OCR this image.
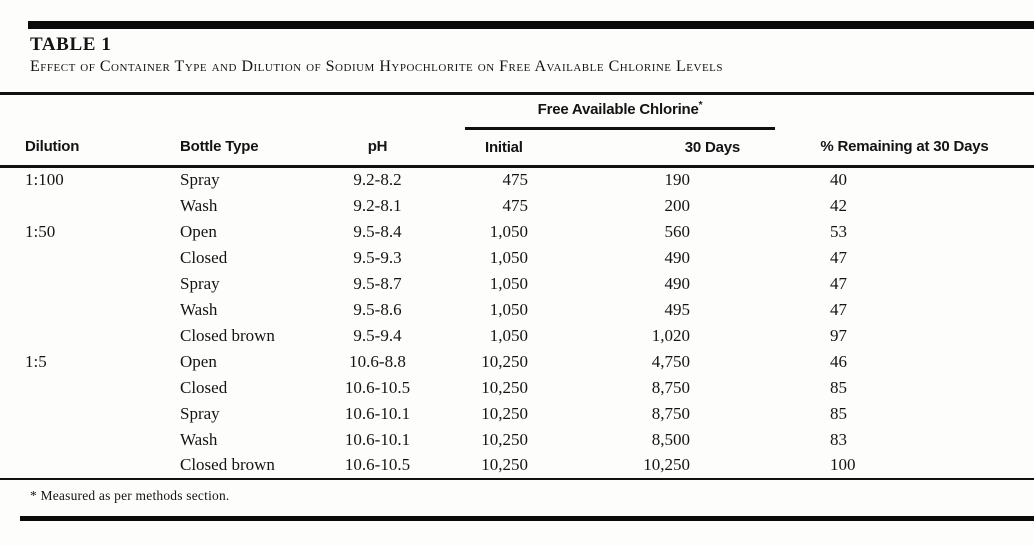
TABLE 1
Effect of Container Type and Dilution of Sodium Hypochlorite on Free Available Chlorine Levels
			Free Available Chlorine*	
Dilution	Bottle Type	pH	Initial	30 Days	% Remaining at 30 Days
1:100	Spray	9.2-8.2	475	190	40
	Wash	9.2-8.1	475	200	42
1:50	Open	9.5-8.4	1,050	560	53
	Closed	9.5-9.3	1,050	490	47
	Spray	9.5-8.7	1,050	490	47
	Wash	9.5-8.6	1,050	495	47
	Closed brown	9.5-9.4	1,050	1,020	97
1:5	Open	10.6-8.8	10,250	4,750	46
	Closed	10.6-10.5	10,250	8,750	85
	Spray	10.6-10.1	10,250	8,750	85
	Wash	10.6-10.1	10,250	8,500	83
	Closed brown	10.6-10.5	10,250	10,250	100
* Measured as per methods section.
